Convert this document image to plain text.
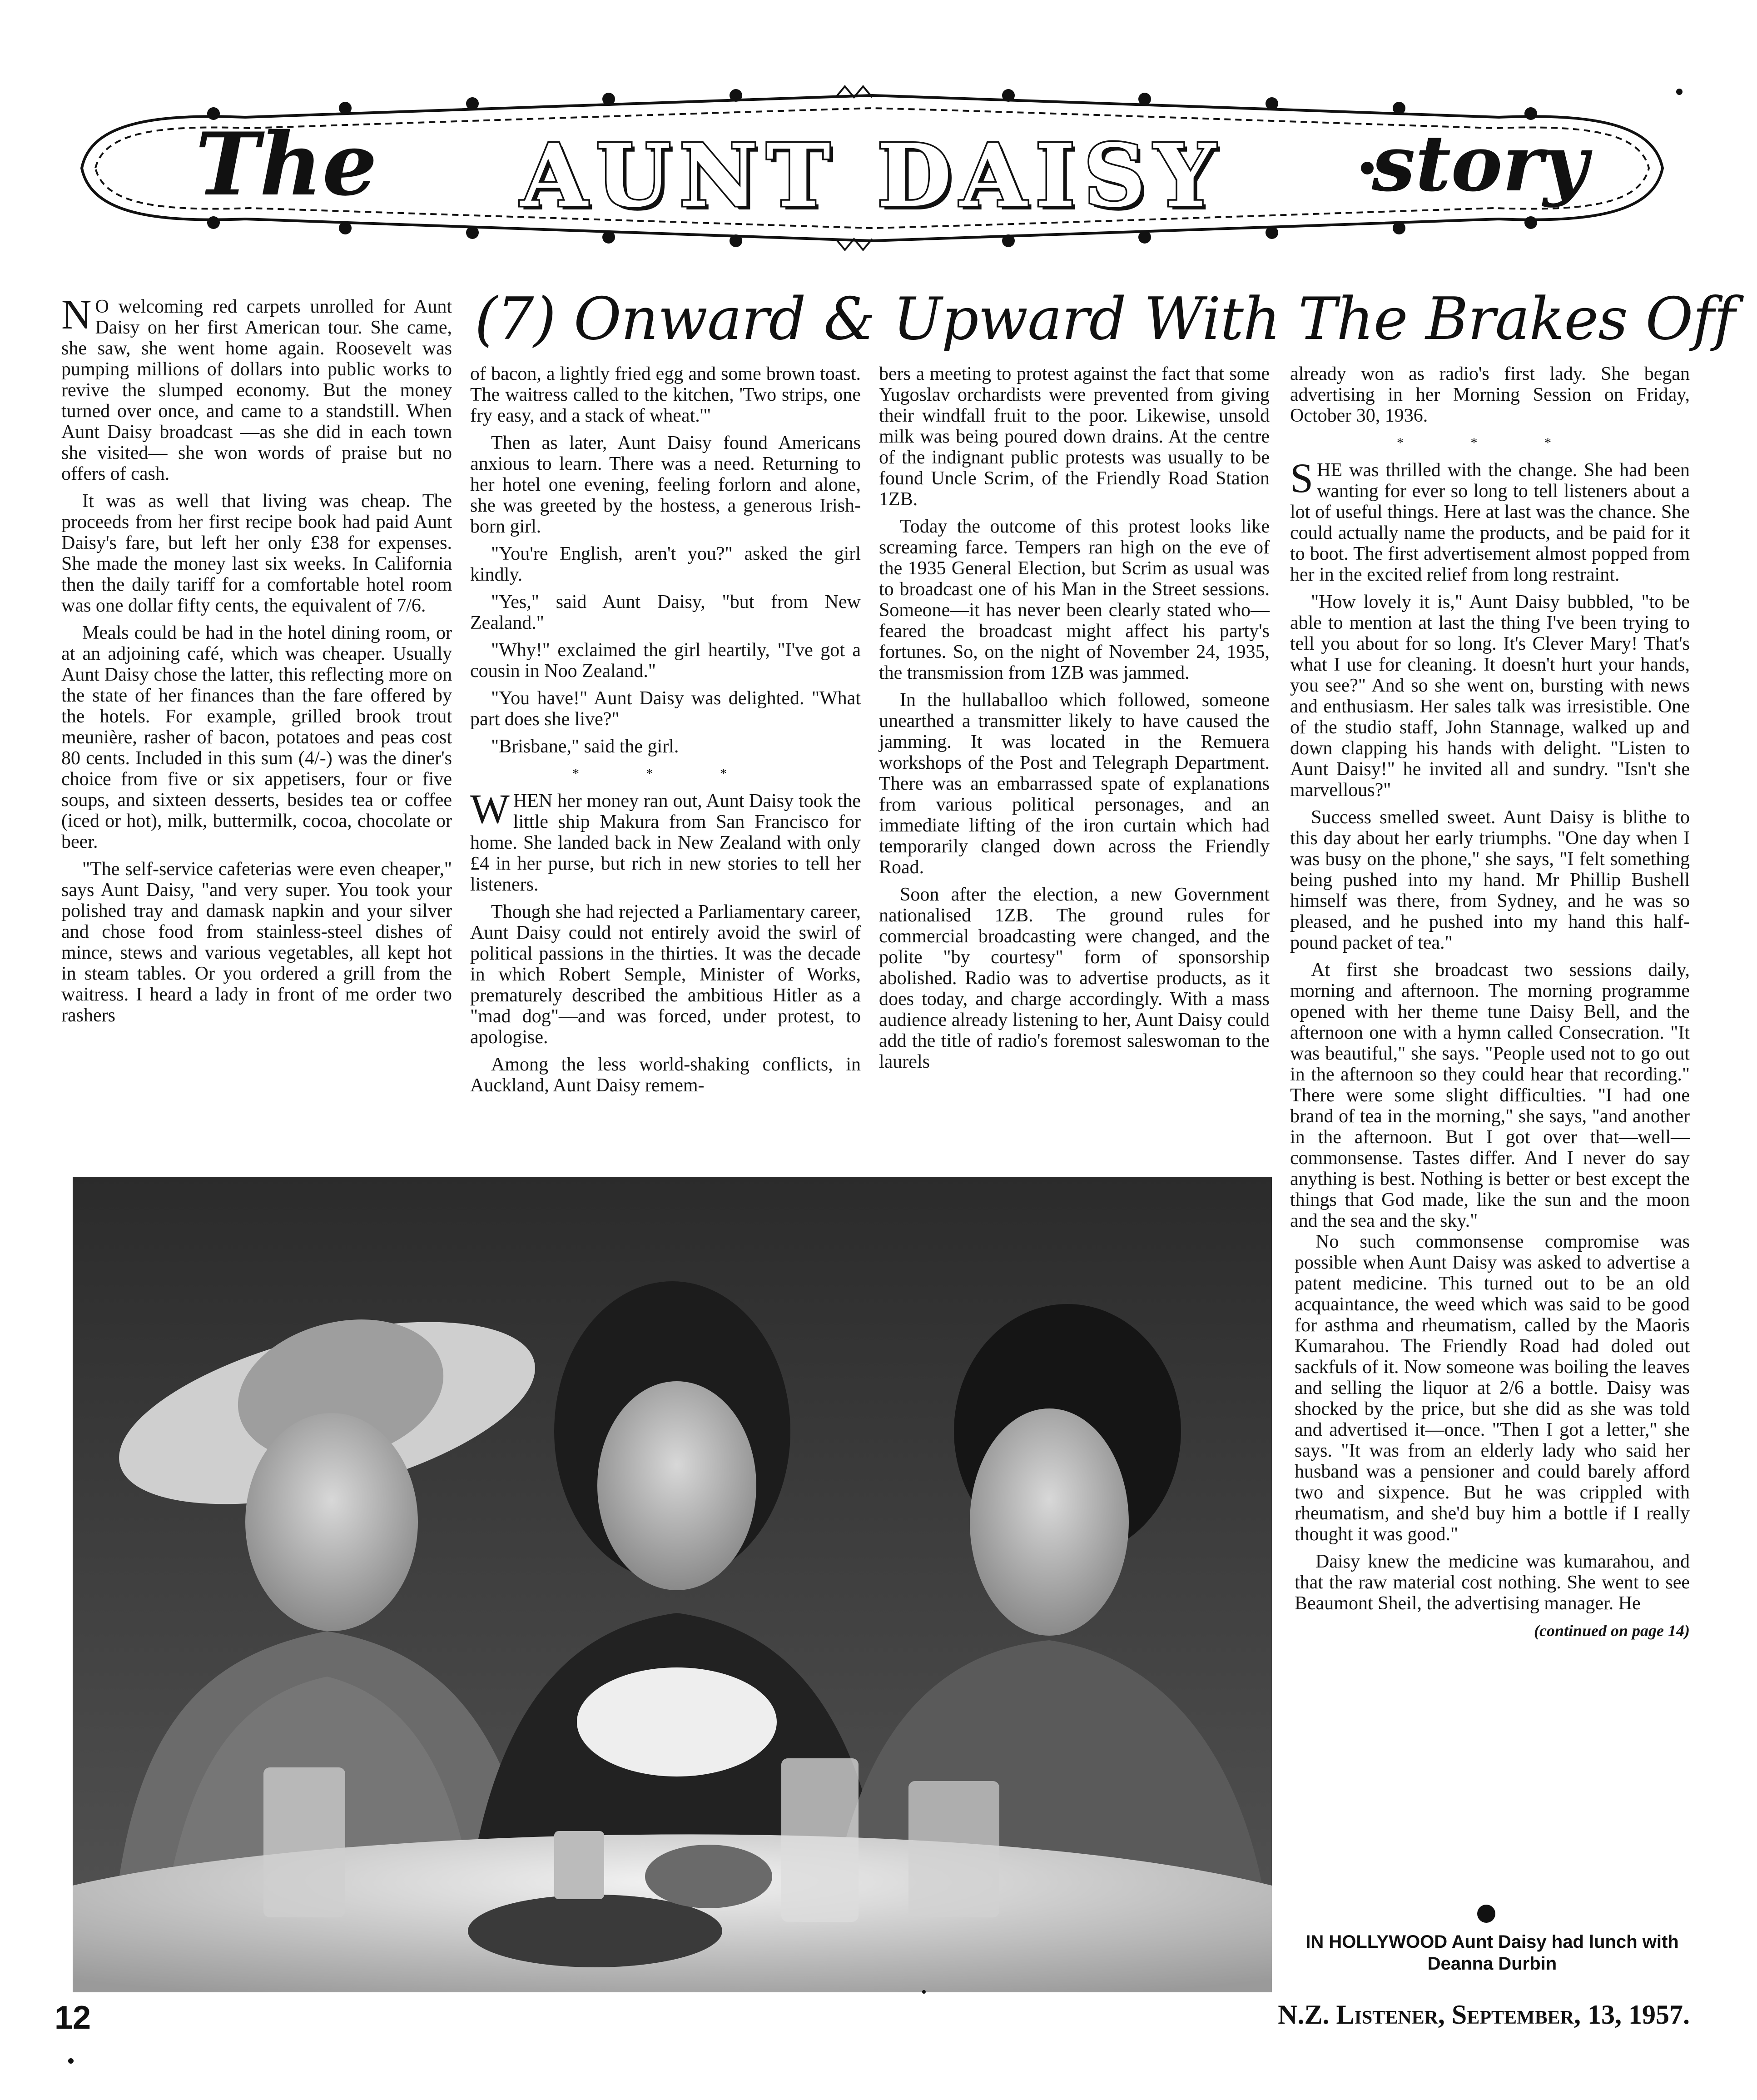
The	AUNT DAISY	story
(7) Onward & Upward With The Brakes Off

NO welcoming red carpets unrolled for Aunt Daisy on her first American tour. She came, she saw, she went home again. Roosevelt was pumping millions of dollars into public works to revive the slumped economy. But the money turned over once, and came to a standstill. When Aunt Daisy broadcast —as she did in each town she visited— she won words of praise but no offers of cash.

It was as well that living was cheap. The proceeds from her first recipe book had paid Aunt Daisy's fare, but left her only £38 for expenses. She made the money last six weeks. In California then the daily tariff for a comfortable hotel room was one dollar fifty cents, the equivalent of 7/6.

Meals could be had in the hotel dining room, or at an adjoining café, which was cheaper. Usually Aunt Daisy chose the latter, this reflecting more on the state of her finances than the fare offered by the hotels. For example, grilled brook trout meunière, rasher of bacon, potatoes and peas cost 80 cents. Included in this sum (4/-) was the diner's choice from five or six appetisers, four or five soups, and sixteen desserts, besides tea or coffee (iced or hot), milk, buttermilk, cocoa, chocolate or beer.

"The self-service cafeterias were even cheaper," says Aunt Daisy, "and very super. You took your polished tray and damask napkin and your silver and chose food from stainless-steel dishes of mince, stews and various vegetables, all kept hot in steam tables. Or you ordered a grill from the waitress. I heard a lady in front of me order two rashers

of bacon, a lightly fried egg and some brown toast. The waitress called to the kitchen, 'Two strips, one fry easy, and a stack of wheat.'"

Then as later, Aunt Daisy found Americans anxious to learn. There was a need. Returning to her hotel one evening, feeling forlorn and alone, she was greeted by the hostess, a generous Irish-born girl.

"You're English, aren't you?" asked the girl kindly.

"Yes," said Aunt Daisy, "but from New Zealand."

"Why!" exclaimed the girl heartily, "I've got a cousin in Noo Zealand."

"You have!" Aunt Daisy was delighted. "What part does she live?"

"Brisbane," said the girl.

* * *

WHEN her money ran out, Aunt Daisy took the little ship Makura from San Francisco for home. She landed back in New Zealand with only £4 in her purse, but rich in new stories to tell her listeners.

Though she had rejected a Parliamentary career, Aunt Daisy could not entirely avoid the swirl of political passions in the thirties. It was the decade in which Robert Semple, Minister of Works, prematurely described the ambitious Hitler as a "mad dog"—and was forced, under protest, to apologise.

Among the less world-shaking conflicts, in Auckland, Aunt Daisy remem-

bers a meeting to protest against the fact that some Yugoslav orchardists were prevented from giving their windfall fruit to the poor. Likewise, unsold milk was being poured down drains. At the centre of the indignant public protests was usually to be found Uncle Scrim, of the Friendly Road Station 1ZB.

Today the outcome of this protest looks like screaming farce. Tempers ran high on the eve of the 1935 General Election, but Scrim as usual was to broadcast one of his Man in the Street sessions. Someone—it has never been clearly stated who—feared the broadcast might affect his party's fortunes. So, on the night of November 24, 1935, the transmission from 1ZB was jammed.

In the hullaballoo which followed, someone unearthed a transmitter likely to have caused the jamming. It was located in the Remuera workshops of the Post and Telegraph Department. There was an embarrassed spate of explanations from various political personages, and an immediate lifting of the iron curtain which had temporarily clanged down across the Friendly Road.

Soon after the election, a new Government nationalised 1ZB. The ground rules for commercial broadcasting were changed, and the polite "by courtesy" form of sponsorship abolished. Radio was to advertise products, as it does today, and charge accordingly. With a mass audience already listening to her, Aunt Daisy could add the title of radio's foremost saleswoman to the laurels

already won as radio's first lady. She began advertising in her Morning Session on Friday, October 30, 1936.

* * *

SHE was thrilled with the change. She had been wanting for ever so long to tell listeners about a lot of useful things. Here at last was the chance. She could actually name the products, and be paid for it to boot. The first advertisement almost popped from her in the excited relief from long restraint.

"How lovely it is," Aunt Daisy bubbled, "to be able to mention at last the thing I've been trying to tell you about for so long. It's Clever Mary! That's what I use for cleaning. It doesn't hurt your hands, you see?" And so she went on, bursting with news and enthusiasm. Her sales talk was irresistible. One of the studio staff, John Stannage, walked up and down clapping his hands with delight. "Listen to Aunt Daisy!" he invited all and sundry. "Isn't she marvellous?"

Success smelled sweet. Aunt Daisy is blithe to this day about her early triumphs. "One day when I was busy on the phone," she says, "I felt something being pushed into my hand. Mr Phillip Bushell himself was there, from Sydney, and he was so pleased, and he pushed into my hand this half-pound packet of tea."

At first she broadcast two sessions daily, morning and afternoon. The morning programme opened with her theme tune Daisy Bell, and the afternoon one with a hymn called Consecration. "It was beautiful," she says. "People used not to go out in the afternoon so they could hear that recording." There were some slight difficulties. "I had one brand of tea in the morning," she says, "and another in the afternoon. But I got over that—well—commonsense. Tastes differ. And I never do say anything is best. Nothing is better or best except the things that God made, like the sun and the moon and the sea and the sky."

No such commonsense compromise was possible when Aunt Daisy was asked to advertise a patent medicine. This turned out to be an old acquaintance, the weed which was said to be good for asthma and rheumatism, called by the Maoris Kumarahou. The Friendly Road had doled out sackfuls of it. Now someone was boiling the leaves and selling the liquor at 2/6 a bottle. Daisy was shocked by the price, but she did as she was told and advertised it—once. "Then I got a letter," she says. "It was from an elderly lady who said her husband was a pensioner and could barely afford two and sixpence. But he was crippled with rheumatism, and she'd buy him a bottle if I really thought it was good."

Daisy knew the medicine was kumarahou, and that the raw material cost nothing. She went to see Beaumont Sheil, the advertising manager. He

(continued on page 14)

IN HOLLYWOOD Aunt Daisy had lunch with Deanna Durbin
12	N.Z. Listener, September, 13, 1957.
